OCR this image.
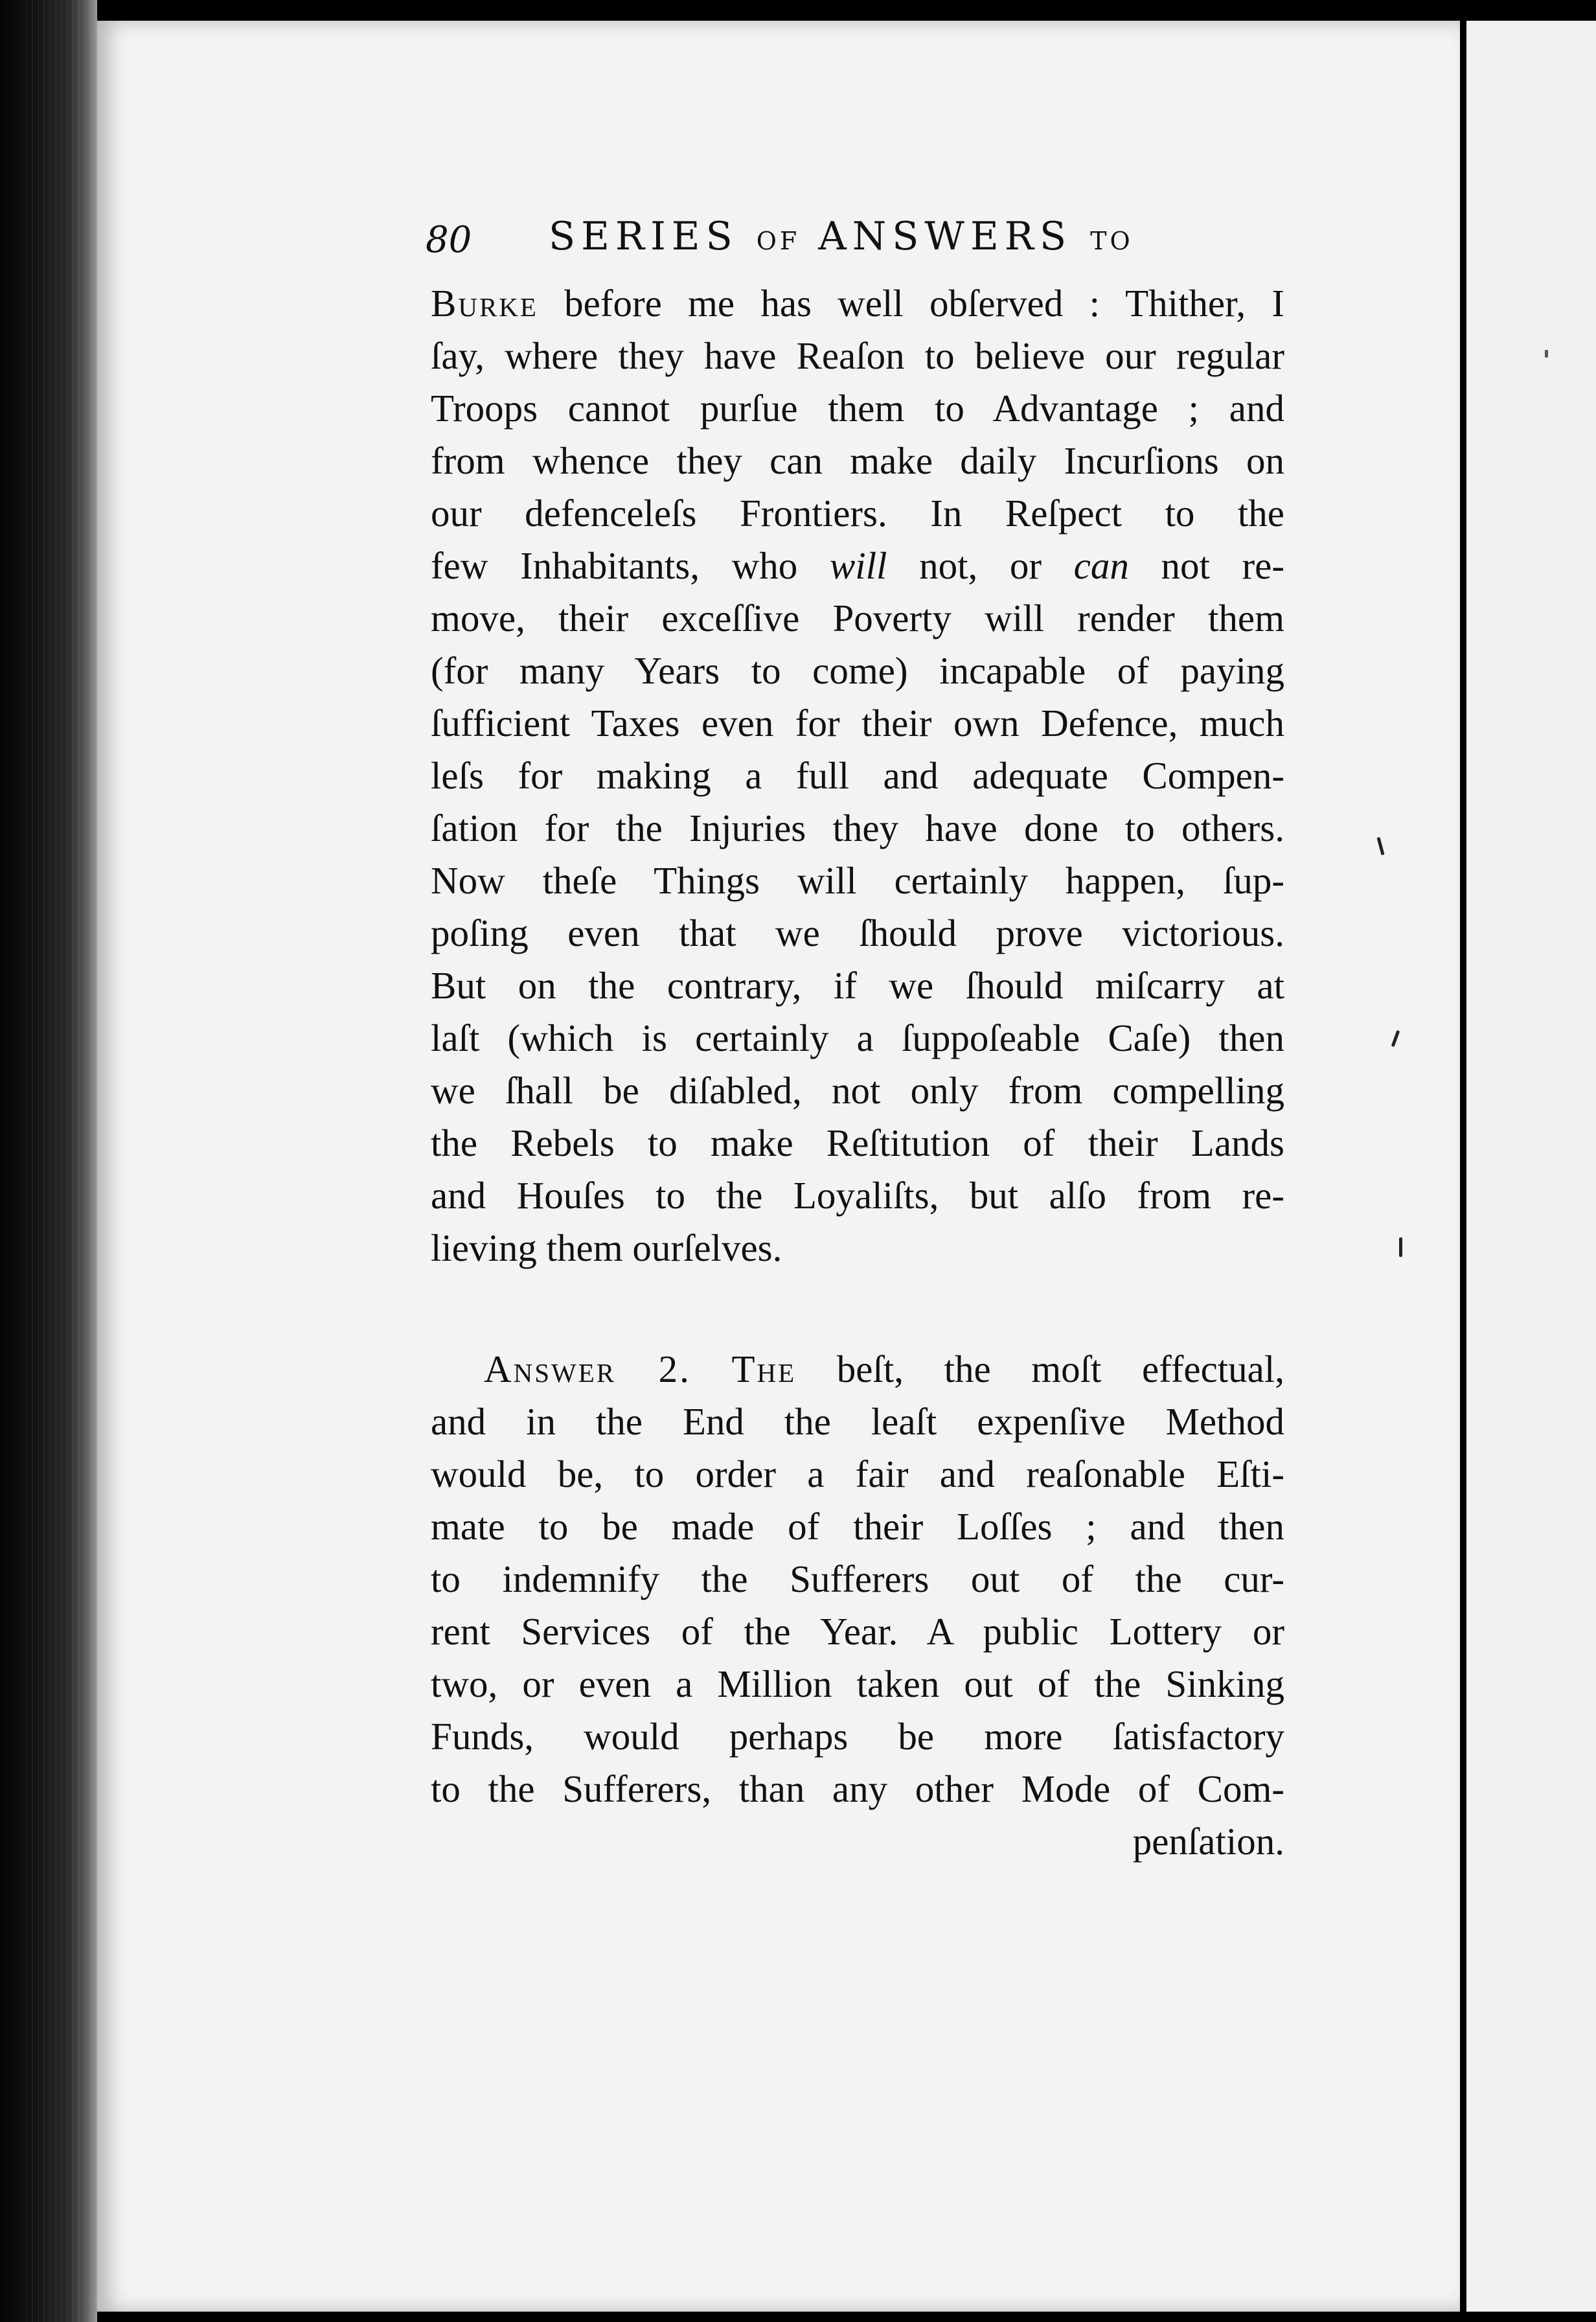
80 SERIES OF ANSWERS TO
Burke before me has well obſerved : Thither, I
ſay, where they have Reaſon to believe our regular
Troops cannot purſue them to Advantage ; and
from whence they can make daily Incurſions on
our defenceleſs Frontiers. In Reſpect to the
few Inhabitants, who will not, or can not re-
move, their exceſſive Poverty will render them
(for many Years to come) incapable of paying
ſufficient Taxes even for their own Defence, much
leſs for making a full and adequate Compen-
ſation for the Injuries they have done to others.
Now theſe Things will certainly happen, ſup-
poſing even that we ſhould prove victorious.
But on the contrary, if we ſhould miſcarry at
laſt (which is certainly a ſuppoſeable Caſe) then
we ſhall be diſabled, not only from compelling
the Rebels to make Reſtitution of their Lands
and Houſes to the Loyaliſts, but alſo from re-
lieving them ourſelves.
Answer 2. The beſt, the moſt effectual,
and in the End the leaſt expenſive Method
would be, to order a fair and reaſonable Eſti-
mate to be made of their Loſſes ; and then
to indemnify the Sufferers out of the cur-
rent Services of the Year. A public Lottery or
two, or even a Million taken out of the Sinking
Funds, would perhaps be more ſatisfactory
to the Sufferers, than any other Mode of Com-
penſation.
